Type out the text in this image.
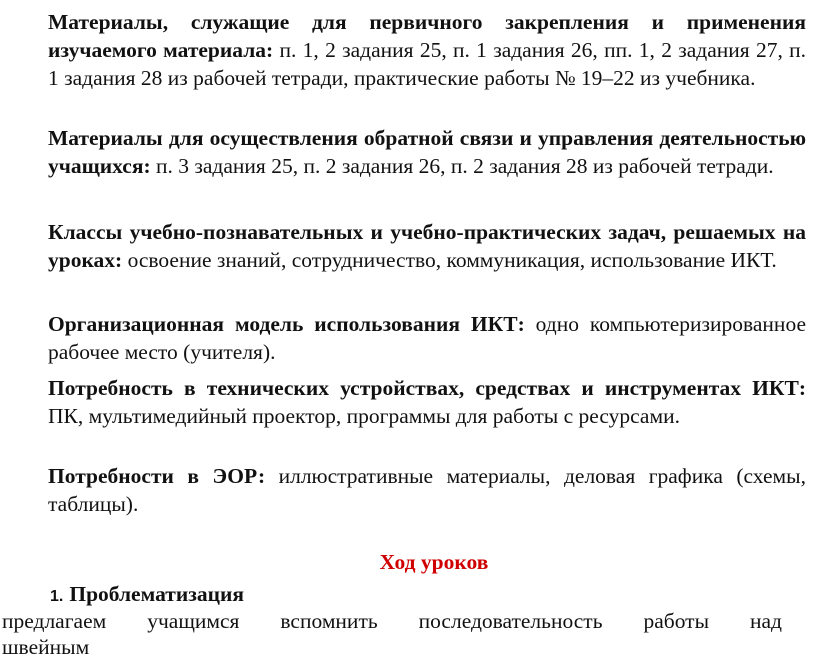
Материалы, служащие для первичного закрепления и применения изучаемого материала: п. 1, 2 задания 25, п. 1 задания 26, пп. 1, 2 задания 27, п. 1 задания 28 из рабочей тетради, практические работы № 19–22 из учебника.

Материалы для осуществления обратной связи и управления деятельностью учащихся: п. 3 задания 25, п. 2 задания 26, п. 2 задания 28 из рабочей тетради.

Классы учебно-познавательных и учебно-практических задач, решаемых на уроках: освоение знаний, сотрудничество, коммуникация, использование ИКТ.

Организационная модель использования ИКТ: одно компьютеризированное рабочее место (учителя).

Потребность в технических устройствах, средствах и инструментах ИКТ: ПК, мультимедийный проектор, программы для работы с ресурсами.

Потребности в ЭОР: иллюстративные материалы, деловая графика (схемы, таблицы).

Ход уроков
1. Проблематизация
предлагаем учащимся вспомнить последовательность работы над
швейным
